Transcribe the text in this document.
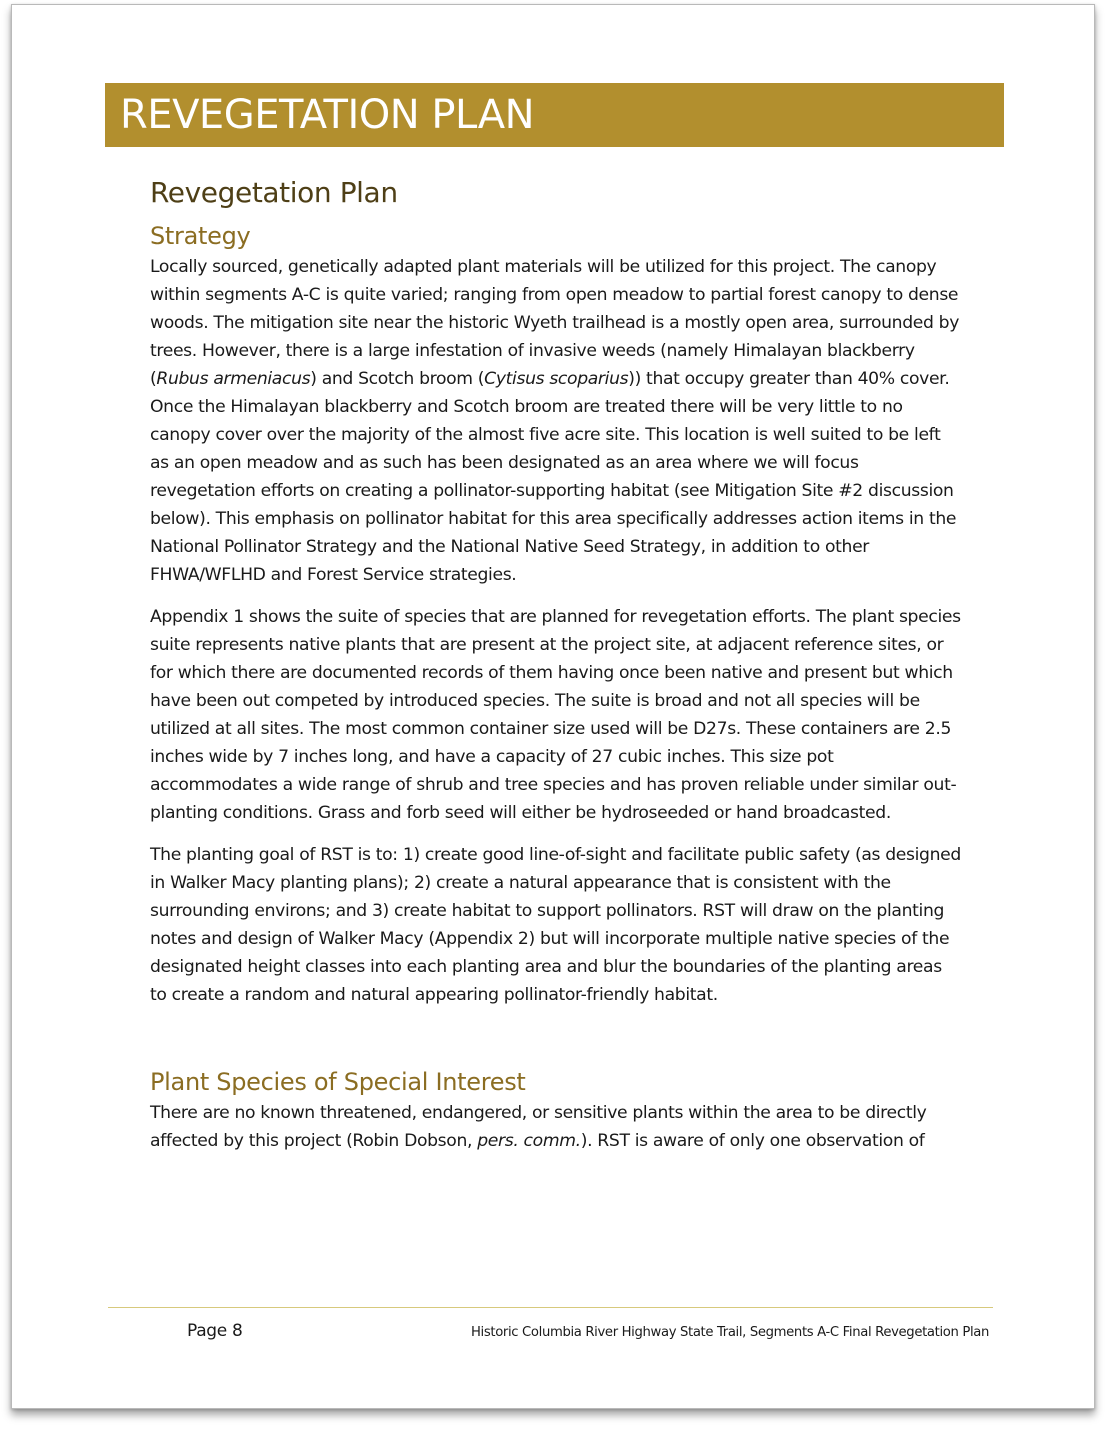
REVEGETATION PLAN
Revegetation Plan
Strategy

Locally sourced, genetically adapted plant materials will be utilized for this project. The canopy within segments A-C is quite varied; ranging from open meadow to partial forest canopy to dense woods. The mitigation site near the historic Wyeth trailhead is a mostly open area, surrounded by trees. However, there is a large infestation of invasive weeds (namely Himalayan blackberry (Rubus armeniacus) and Scotch broom (Cytisus scoparius)) that occupy greater than 40% cover. Once the Himalayan blackberry and Scotch broom are treated there will be very little to no canopy cover over the majority of the almost five acre site. This location is well suited to be left as an open meadow and as such has been designated as an area where we will focus revegetation efforts on creating a pollinator-supporting habitat (see Mitigation Site #2 discussion below). This emphasis on pollinator habitat for this area specifically addresses action items in the National Pollinator Strategy and the National Native Seed Strategy, in addition to other FHWA/WFLHD and Forest Service strategies.

Appendix 1 shows the suite of species that are planned for revegetation efforts. The plant species suite represents native plants that are present at the project site, at adjacent reference sites, or for which there are documented records of them having once been native and present but which have been out competed by introduced species. The suite is broad and not all species will be utilized at all sites. The most common container size used will be D27s. These containers are 2.5 inches wide by 7 inches long, and have a capacity of 27 cubic inches. This size pot accommodates a wide range of shrub and tree species and has proven reliable under similar out-planting conditions. Grass and forb seed will either be hydroseeded or hand broadcasted.

The planting goal of RST is to: 1) create good line-of-sight and facilitate public safety (as designed in Walker Macy planting plans); 2) create a natural appearance that is consistent with the surrounding environs; and 3) create habitat to support pollinators. RST will draw on the planting notes and design of Walker Macy (Appendix 2) but will incorporate multiple native species of the designated height classes into each planting area and blur the boundaries of the planting areas to create a random and natural appearing pollinator-friendly habitat.

Plant Species of Special Interest

There are no known threatened, endangered, or sensitive plants within the area to be directly affected by this project (Robin Dobson, pers. comm.). RST is aware of only one observation of

Page 8	Historic Columbia River Highway State Trail, Segments A-C Final Revegetation Plan
